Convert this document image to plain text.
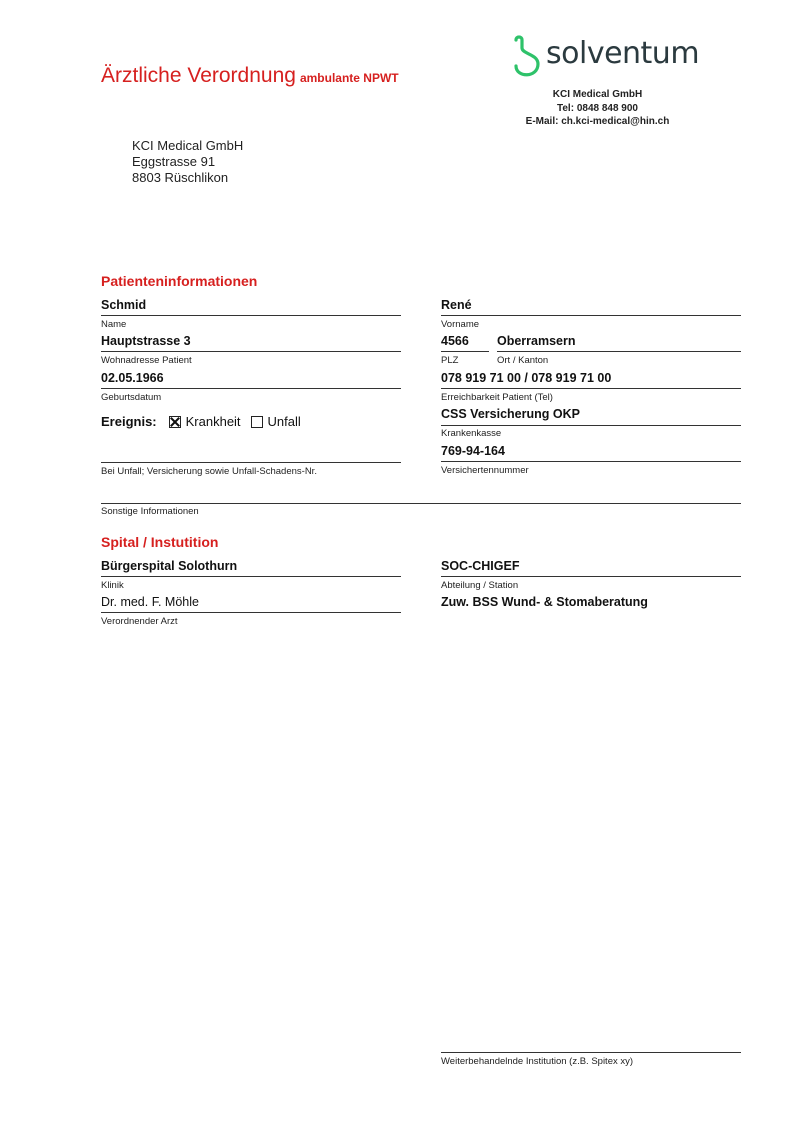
Ärztliche Verordnung ambulante NPWT
solventum
KCI Medical GmbH
Tel: 0848 848 900
E-Mail: ch.kci-medical@hin.ch
KCI Medical GmbH
Eggstrasse 91
8803 Rüschlikon
Patienteninformationen
Schmid
Name
René
Vorname
Hauptstrasse 3
Wohnadresse Patient
4566
PLZ
Oberramsern
Ort / Kanton
02.05.1966
Geburtsdatum
078 919 71 00 / 078 919 71 00
Erreichbarkeit Patient (Tel)
Ereignis: Krankheit Unfall	CSS Versicherung OKP
Krankenkasse
Bei Unfall; Versicherung sowie Unfall-Schadens-Nr.
769-94-164
Versichertennummer
Sonstige Informationen
Spital / Instutition
Bürgerspital Solothurn
Klinik
SOC-CHIGEF
Abteilung / Station
Dr. med. F. Möhle
Verordnender Arzt
Zuw. BSS Wund- & Stomaberatung
Weiterbehandelnde Institution (z.B. Spitex xy)
